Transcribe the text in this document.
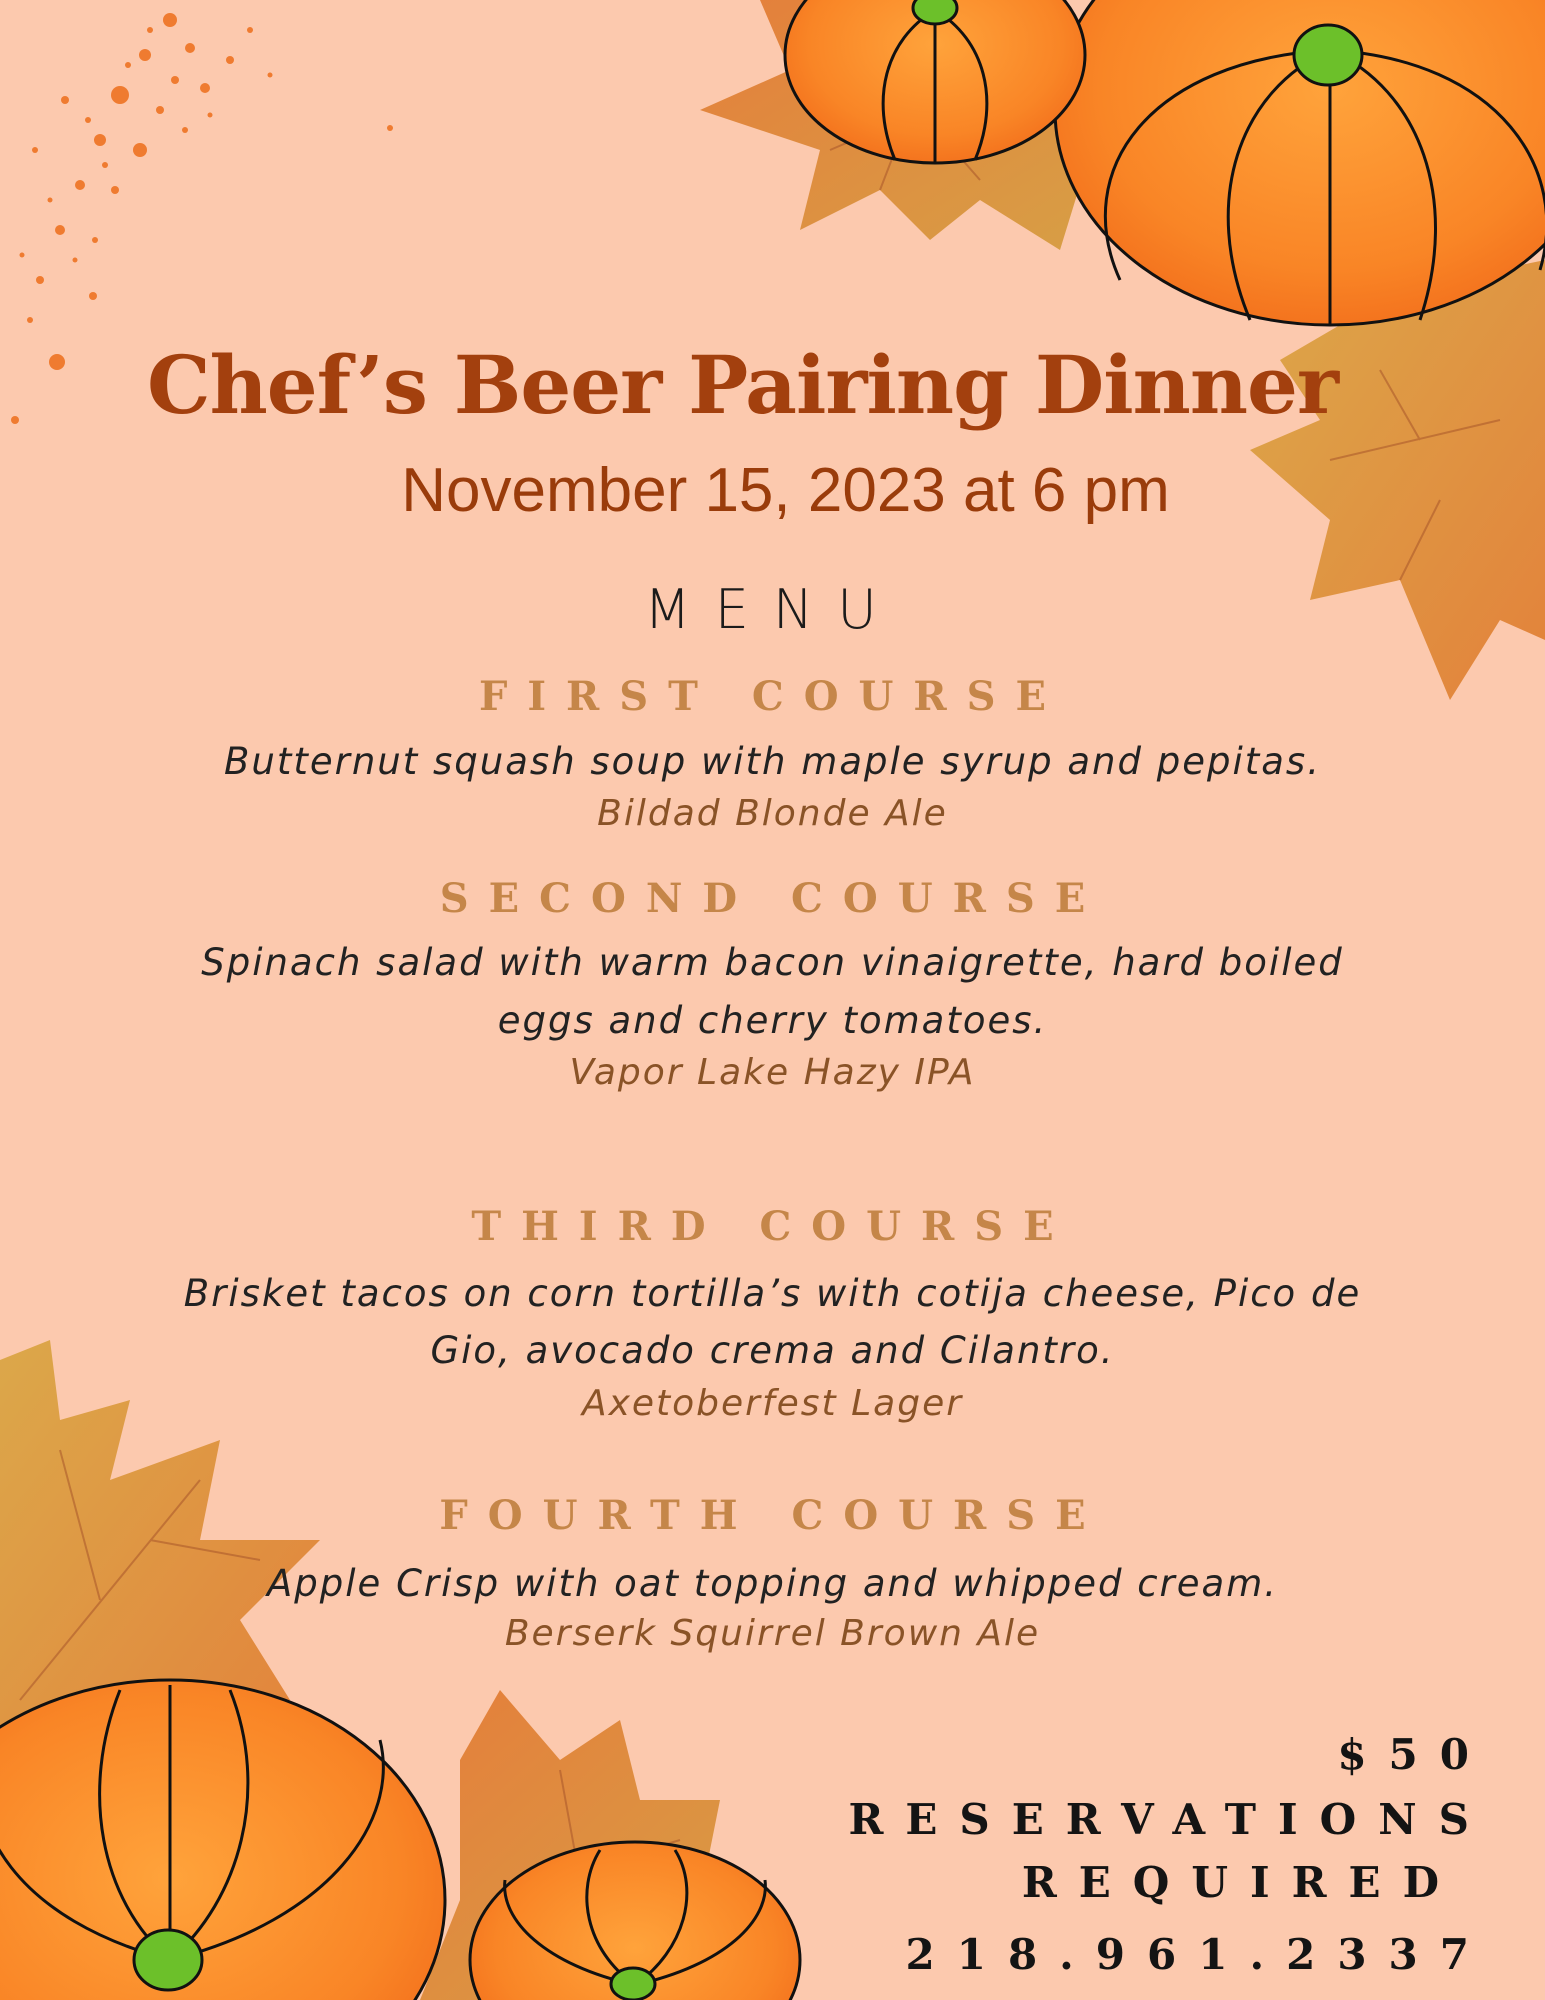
Chef’s Beer Pairing Dinner
November 15, 2023 at 6 pm
MENU
FIRST COURSE
Butternut squash soup with maple syrup and pepitas.
Bildad Blonde Ale
SECOND COURSE
Spinach salad with warm bacon vinaigrette, hard boiled
eggs and cherry tomatoes.
Vapor Lake Hazy IPA
THIRD COURSE
Brisket tacos on corn tortilla’s with cotija cheese, Pico de
Gio, avocado crema and Cilantro.
Axetoberfest Lager
FOURTH COURSE
Apple Crisp with oat topping and whipped cream.
Berserk Squirrel Brown Ale
$50
RESERVATIONS
REQUIRED
218.961.2337
